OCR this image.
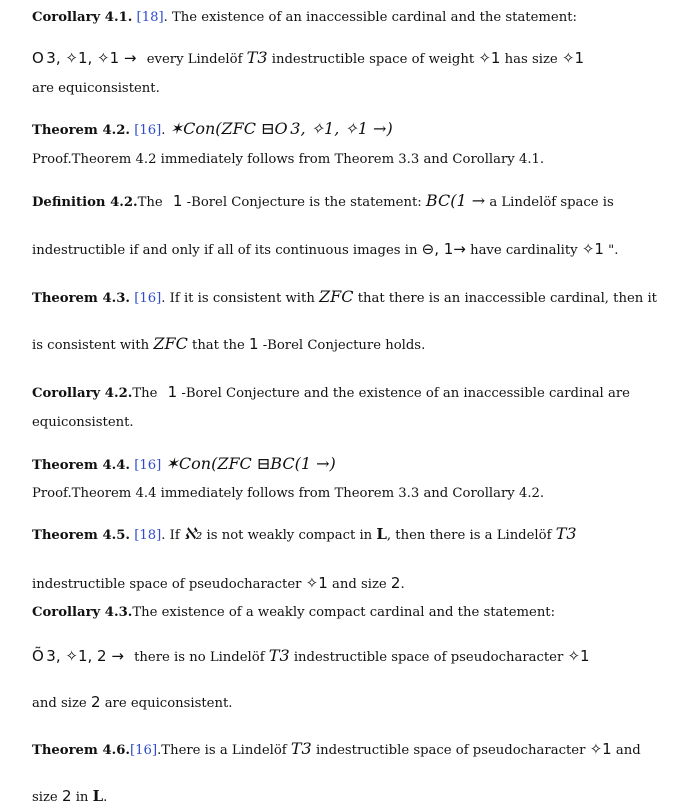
Corollary 4.1. [18]. The existence of an inaccessible cardinal and the statement:
O 3, ✧⁠1, ✧⁠1 → every Lindelöf T3 indestructible space of weight ✧⁠1 has size ✧⁠1
are equiconsistent.
Theorem 4.2. [16]. ✶Con(ZFC ⊟O 3, ✧⁠1, ✧⁠1 →)
Proof.Theorem 4.2 immediately follows from Theorem 3.3 and Corollary 4.1.
Definition 4.2.The ⁠1 -Borel Conjecture is the statement: BC(⁠1 → a Lindelöf space is
indestructible if and only if all of its continuous images in ⊖, 1→ have cardinality ✧⁠1 ".
Theorem 4.3. [16]. If it is consistent with ZFC that there is an inaccessible cardinal, then it
is consistent with ZFC that the ⁠1 -Borel Conjecture holds.
Corollary 4.2.The ⁠1 -Borel Conjecture and the existence of an inaccessible cardinal are
equiconsistent.
Theorem 4.4. [16] ✶Con(ZFC ⊟BC(⁠1 →)
Proof.Theorem 4.4 immediately follows from Theorem 3.3 and Corollary 4.2.
Theorem 4.5. [18]. If ℵ₂ is not weakly compact in L, then there is a Lindelöf T3
indestructible space of pseudocharacter ✧⁠1 and size ⁠2.
Corollary 4.3.The existence of a weakly compact cardinal and the statement:
Õ 3, ✧⁠1, ⁠2 → there is no Lindelöf T3 indestructible space of pseudocharacter ✧⁠1
and size ⁠2 are equiconsistent.
Theorem 4.6.[16].There is a Lindelöf T3 indestructible space of pseudocharacter ✧⁠1 and
size ⁠2 in L.
